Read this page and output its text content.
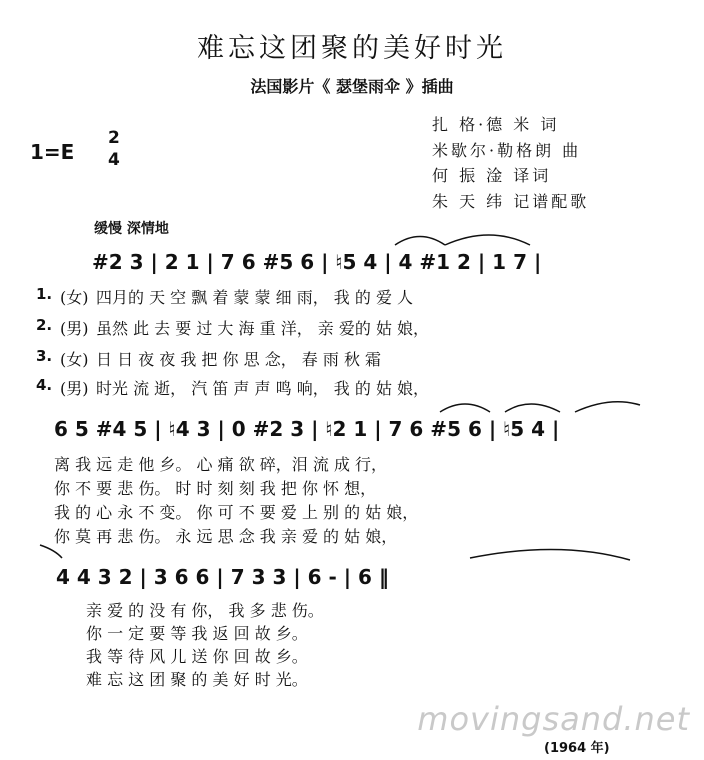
难忘这团聚的美好时光
法国影片《 瑟堡雨伞 》插曲
扎 格·德 米 词
米歇尔·勒格朗 曲
何 振 淦 译词
朱 天 纬 记谱配歌
1=E
2
4
缓慢 深情地
#2 3 | 2 1 | 7 6 #5 6 | ♮5 4 | 4 #1 2 | 1 7 |
1.
2.
3.
4.
(女)
(男)
(女)
(男)
四月的 天 空 飘 着 蒙 蒙 细 雨， 我 的 爱 人
虽然 此 去 要 过 大 海 重 洋， 亲 爱的 姑 娘，
日 日 夜 夜 我 把 你 思 念， 春 雨 秋 霜
时光 流 逝， 汽 笛 声 声 鸣 响， 我 的 姑 娘，
6 5 #4 5 | ♮4 3 | 0 #2 3 | ♮2 1 | 7 6 #5 6 | ♮5 4 |
离 我 远 走 他 乡。 心 痛 欲 碎，泪 流 成 行，
你 不 要 悲 伤。 时 时 刻 刻 我 把 你 怀 想，
我 的 心 永 不 变。 你 可 不 要 爱 上 别 的 姑 娘，
你 莫 再 悲 伤。 永 远 思 念 我 亲 爱 的 姑 娘，
4 4 3 2 | 3 6 6 | 7 3 3 | 6 - | 6 ‖
亲 爱 的 没 有 你， 我 多 悲 伤。
你 一 定 要 等 我 返 回 故 乡。
我 等 待 风 儿 送 你 回 故 乡。
难 忘 这 团 聚 的 美 好 时 光。
movingsand.net
(1964 年)
